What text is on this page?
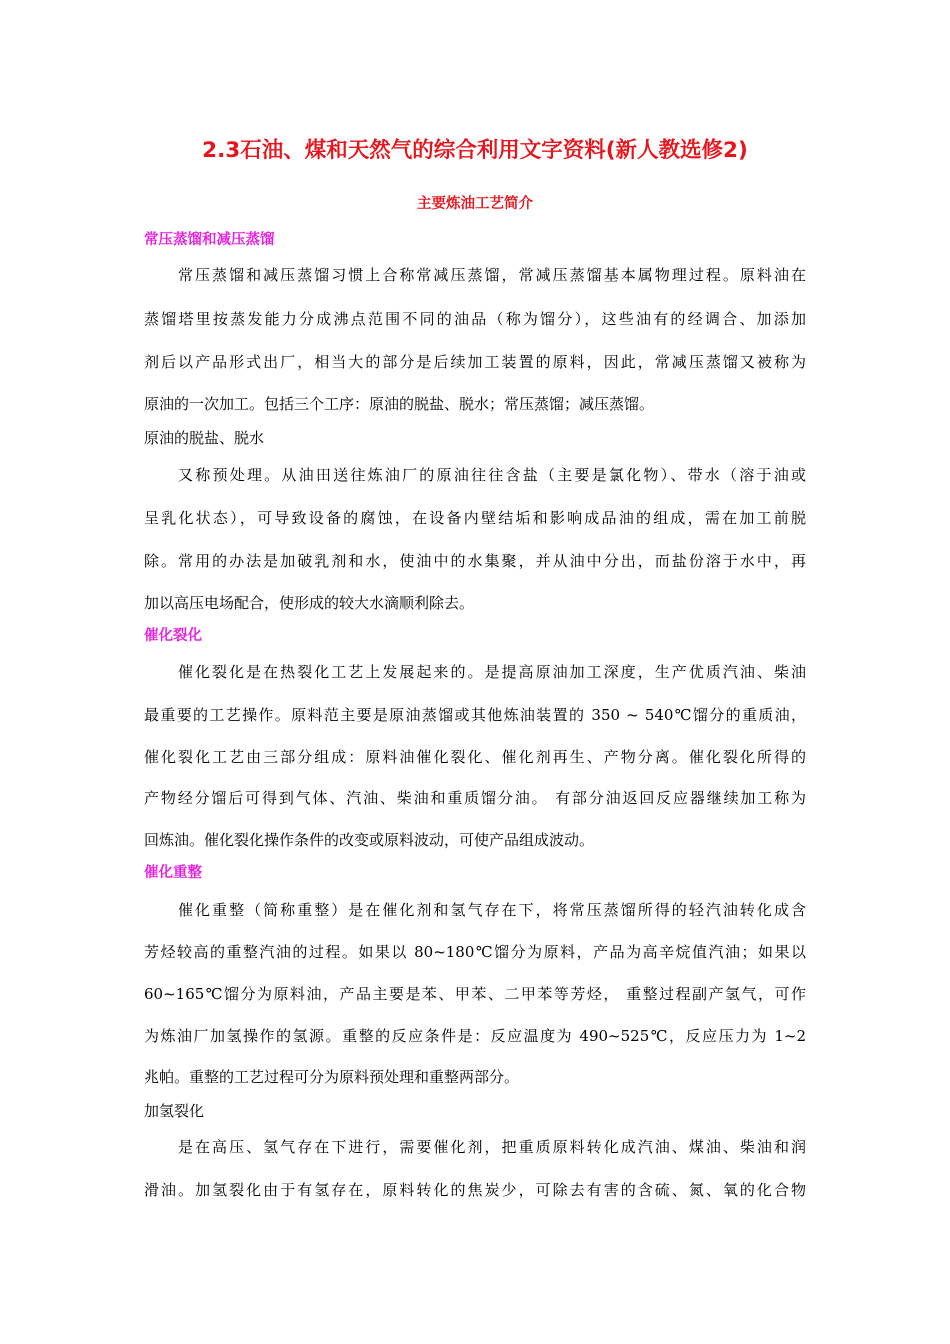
2.3石油、煤和天然气的综合利用文字资料(新人教选修2)
主要炼油工艺简介
常压蒸馏和减压蒸馏
常压蒸馏和减压蒸馏习惯上合称常减压蒸馏，常减压蒸馏基本属物理过程。原料油在
蒸馏塔里按蒸发能力分成沸点范围不同的油品（称为馏分），这些油有的经调合、加添加
剂后以产品形式出厂，相当大的部分是后续加工装置的原料，因此，常减压蒸馏又被称为
原油的一次加工。包括三个工序：原油的脱盐、脱水；常压蒸馏；减压蒸馏。
原油的脱盐、脱水
又称预处理。从油田送往炼油厂的原油往往含盐（主要是氯化物）、带水（溶于油或
呈乳化状态），可导致设备的腐蚀，在设备内壁结垢和影响成品油的组成，需在加工前脱
除。常用的办法是加破乳剂和水，使油中的水集聚，并从油中分出，而盐份溶于水中，再
加以高压电场配合，使形成的较大水滴顺利除去。
催化裂化
催化裂化是在热裂化工艺上发展起来的。是提高原油加工深度，生产优质汽油、柴油
最重要的工艺操作。原料范主要是原油蒸馏或其他炼油装置的 350 ~ 540℃馏分的重质油，
催化裂化工艺由三部分组成：原料油催化裂化、催化剂再生、产物分离。催化裂化所得的
产物经分馏后可得到气体、汽油、柴油和重质馏分油。 有部分油返回反应器继续加工称为
回炼油。催化裂化操作条件的改变或原料波动，可使产品组成波动。
催化重整
催化重整（简称重整）是在催化剂和氢气存在下，将常压蒸馏所得的轻汽油转化成含
芳烃较高的重整汽油的过程。如果以 80~180℃馏分为原料，产品为高辛烷值汽油；如果以
60~165℃馏分为原料油，产品主要是苯、甲苯、二甲苯等芳烃， 重整过程副产氢气，可作
为炼油厂加氢操作的氢源。重整的反应条件是：反应温度为 490~525℃，反应压力为 1~2
兆帕。重整的工艺过程可分为原料预处理和重整两部分。
加氢裂化
是在高压、氢气存在下进行，需要催化剂，把重质原料转化成汽油、煤油、柴油和润
滑油。加氢裂化由于有氢存在，原料转化的焦炭少，可除去有害的含硫、氮、氧的化合物
